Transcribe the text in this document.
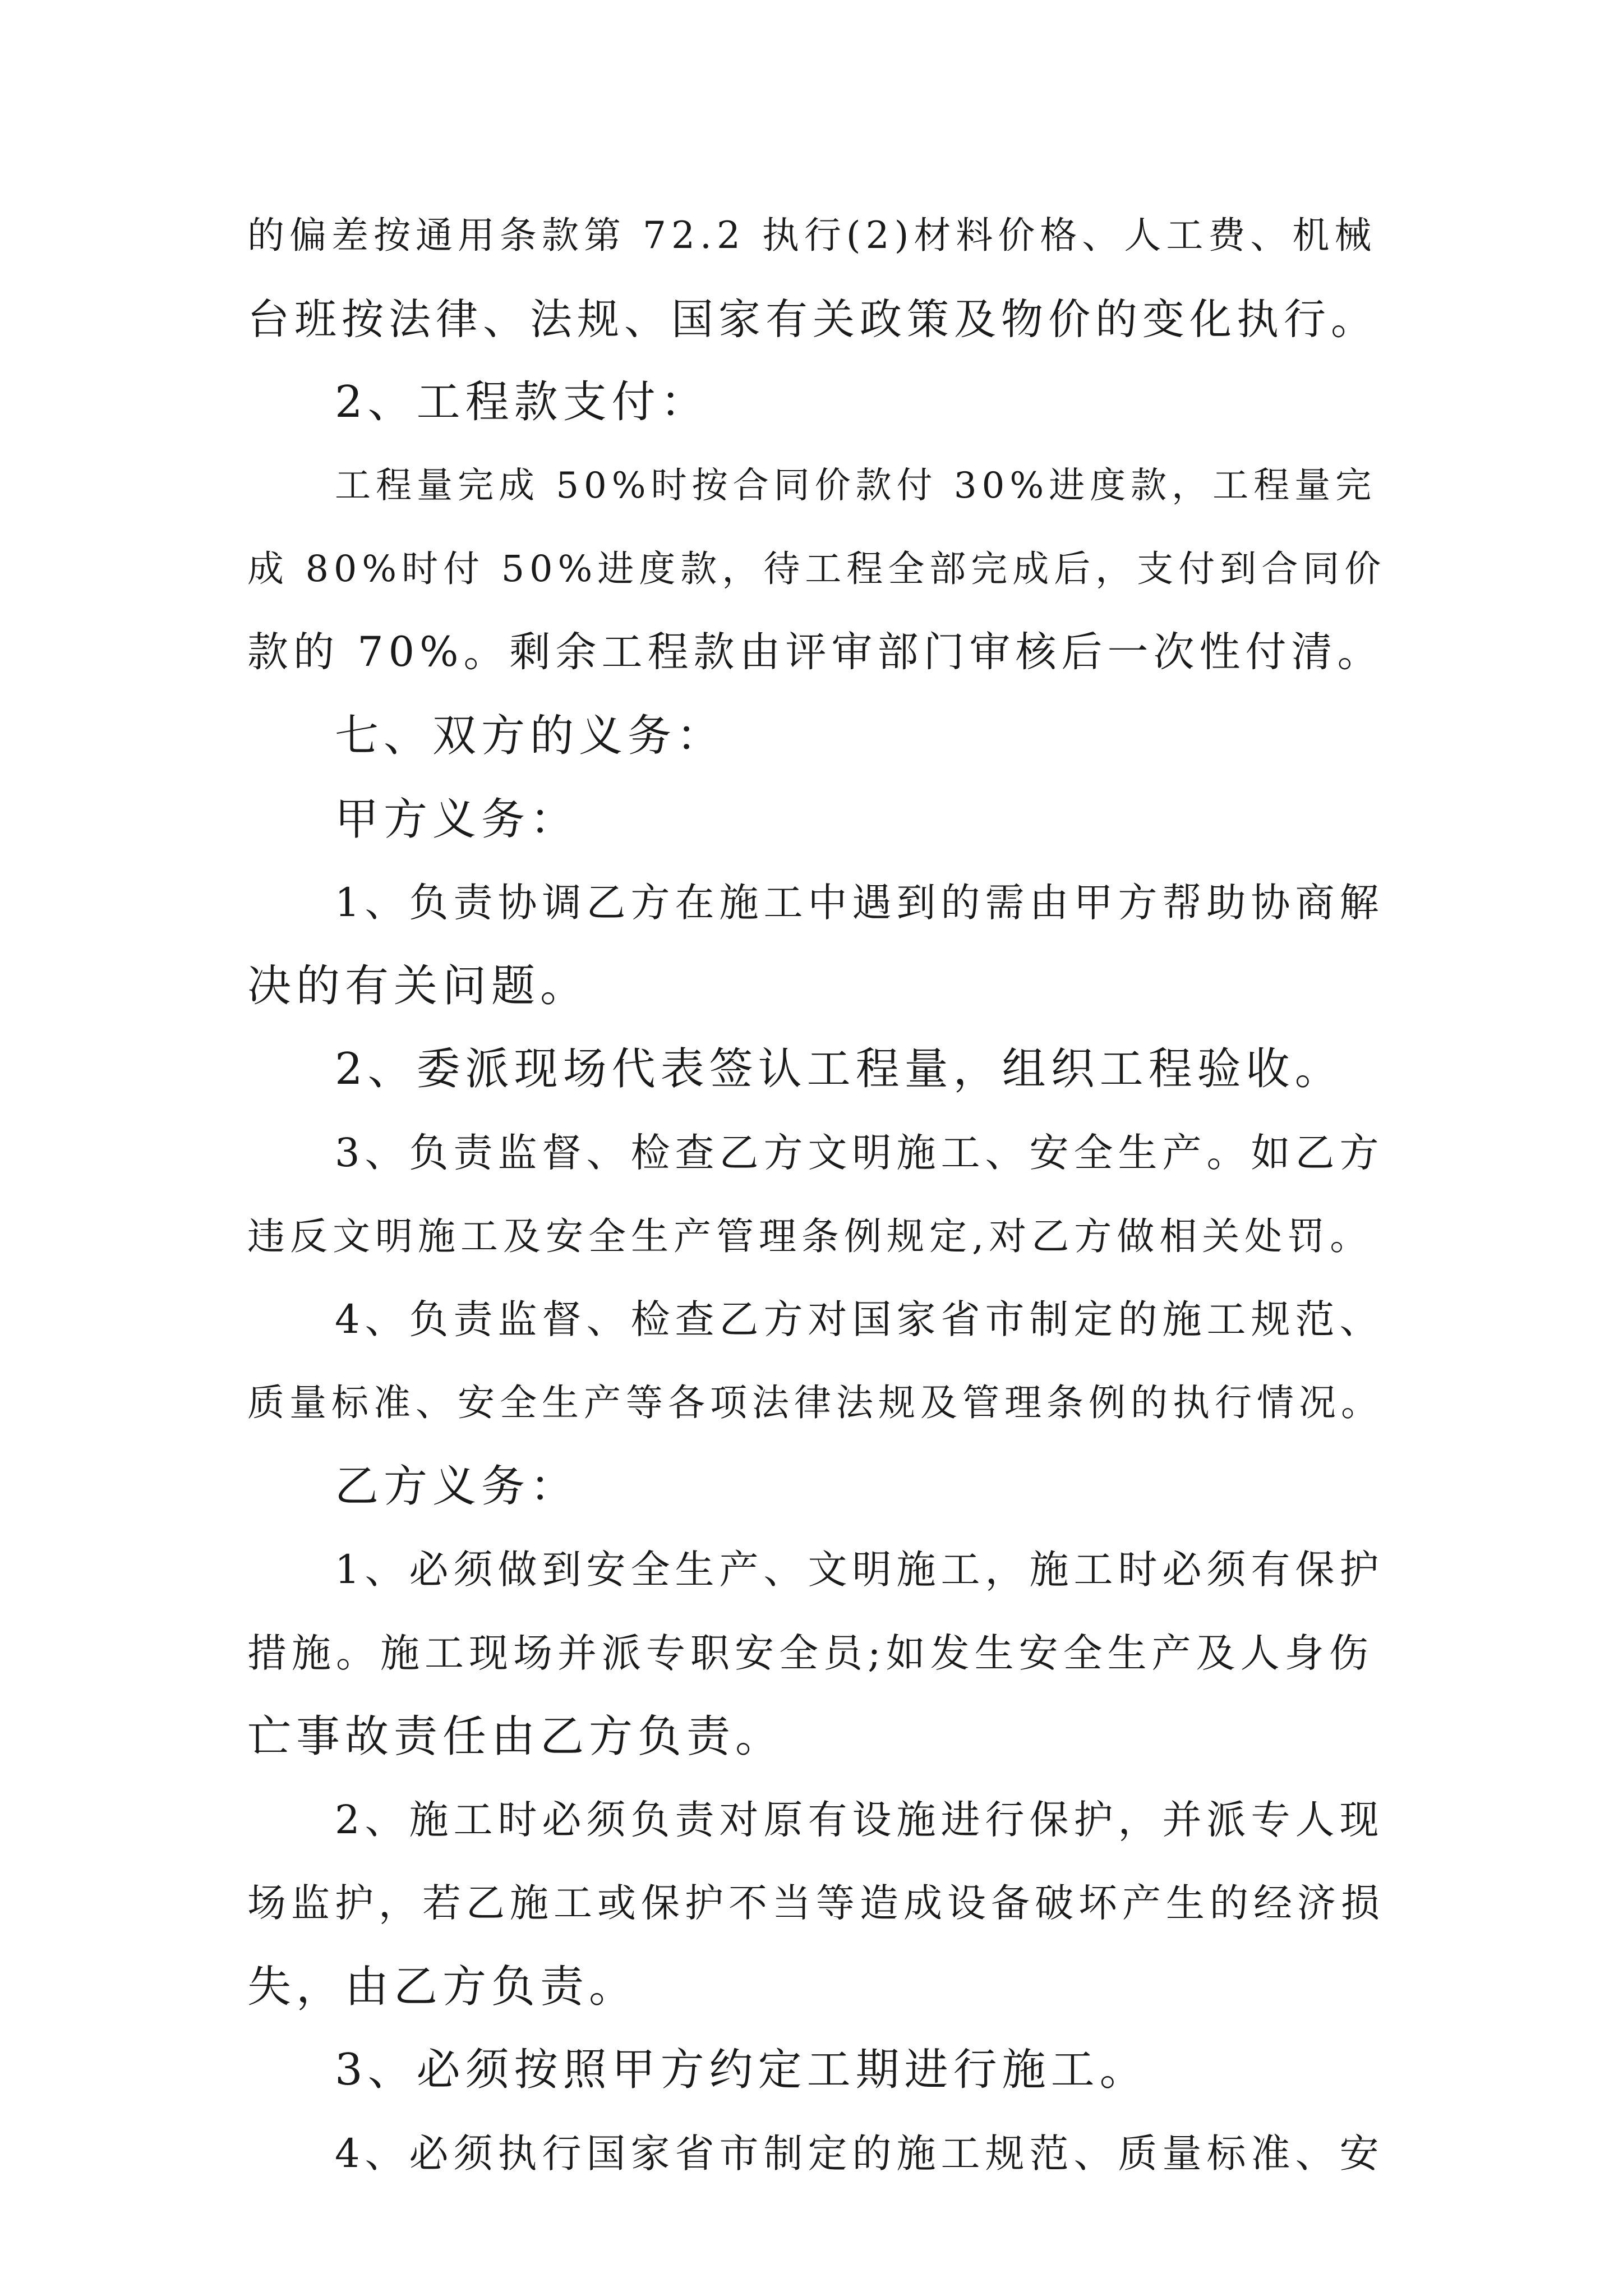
的偏差按通用条款第 72.2 执行(2)材料价格、人工费、机械
台班按法律、法规、国家有关政策及物价的变化执行。
2、工程款支付：
工程量完成 50%时按合同价款付 30%进度款，工程量完
成 80%时付 50%进度款，待工程全部完成后，支付到合同价
款的 70%。剩余工程款由评审部门审核后一次性付清。
七、双方的义务：
甲方义务：
1、负责协调乙方在施工中遇到的需由甲方帮助协商解
决的有关问题。
2、委派现场代表签认工程量，组织工程验收。
3、负责监督、检查乙方文明施工、安全生产。如乙方
违反文明施工及安全生产管理条例规定,对乙方做相关处罚。
4、负责监督、检查乙方对国家省市制定的施工规范、
质量标准、安全生产等各项法律法规及管理条例的执行情况。
乙方义务：
1、必须做到安全生产、文明施工，施工时必须有保护
措施。施工现场并派专职安全员;如发生安全生产及人身伤
亡事故责任由乙方负责。
2、施工时必须负责对原有设施进行保护，并派专人现
场监护，若乙施工或保护不当等造成设备破坏产生的经济损
失，由乙方负责。
3、必须按照甲方约定工期进行施工。
4、必须执行国家省市制定的施工规范、质量标准、安
